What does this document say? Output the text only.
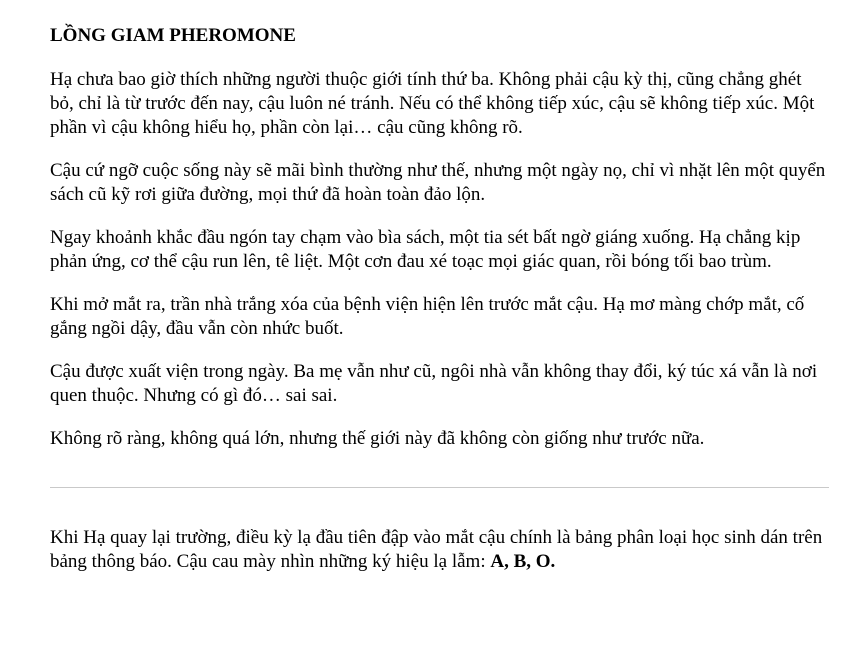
LỒNG GIAM PHEROMONE

Hạ chưa bao giờ thích những người thuộc giới tính thứ ba. Không phải cậu kỳ thị, cũng chẳng ghét bỏ, chỉ là từ trước đến nay, cậu luôn né tránh. Nếu có thể không tiếp xúc, cậu sẽ không tiếp xúc. Một phần vì cậu không hiểu họ, phần còn lại… cậu cũng không rõ.

Cậu cứ ngỡ cuộc sống này sẽ mãi bình thường như thế, nhưng một ngày nọ, chỉ vì nhặt lên một quyển sách cũ kỹ rơi giữa đường, mọi thứ đã hoàn toàn đảo lộn.

Ngay khoảnh khắc đầu ngón tay chạm vào bìa sách, một tia sét bất ngờ giáng xuống. Hạ chẳng kịp phản ứng, cơ thể cậu run lên, tê liệt. Một cơn đau xé toạc mọi giác quan, rồi bóng tối bao trùm.

Khi mở mắt ra, trần nhà trắng xóa của bệnh viện hiện lên trước mắt cậu. Hạ mơ màng chớp mắt, cố gắng ngồi dậy, đầu vẫn còn nhức buốt.

Cậu được xuất viện trong ngày. Ba mẹ vẫn như cũ, ngôi nhà vẫn không thay đổi, ký túc xá vẫn là nơi quen thuộc. Nhưng có gì đó… sai sai.

Không rõ ràng, không quá lớn, nhưng thế giới này đã không còn giống như trước nữa.

Khi Hạ quay lại trường, điều kỳ lạ đầu tiên đập vào mắt cậu chính là bảng phân loại học sinh dán trên bảng thông báo. Cậu cau mày nhìn những ký hiệu lạ lẫm: A, B, O.
